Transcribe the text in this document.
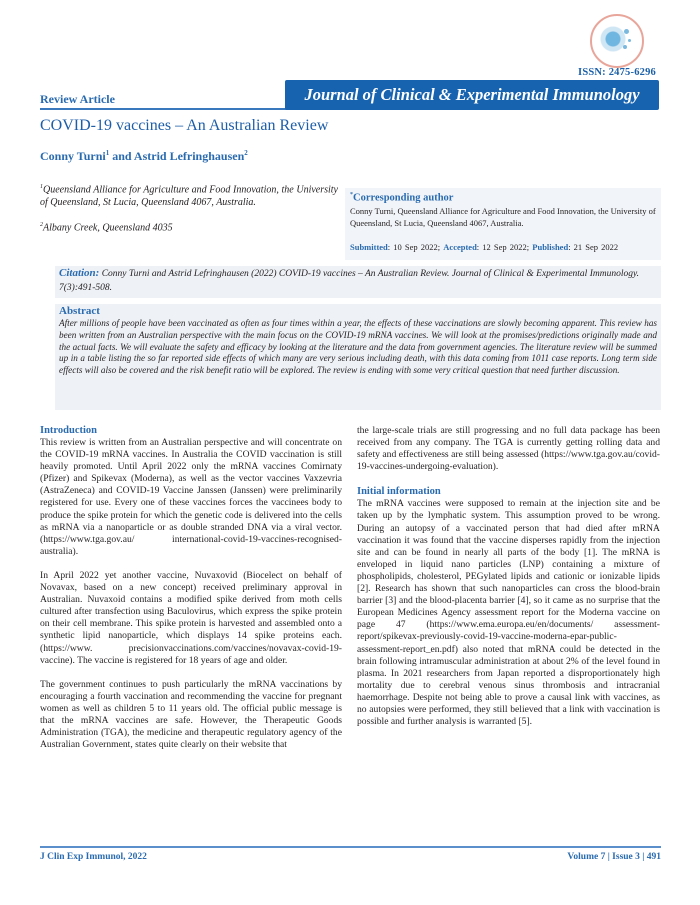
ISSN: 2475-6296
Review Article	Journal of Clinical & Experimental Immunology
COVID-19 vaccines – An Australian Review
Conny Turni$^1$ and Astrid Lefringhausen$^2$
$^1$Queensland Alliance for Agriculture and Food Innovation, the University of Queensland, St Lucia, Queensland 4067, Australia.
$^2$Albany Creek, Queensland 4035
*Corresponding author
Conny Turni, Queensland Alliance for Agriculture and Food Innovation, the University of Queensland, St Lucia, Queensland 4067, Australia.
Submitted: 10 Sep 2022; Accepted: 12 Sep 2022; Published: 21 Sep 2022
Citation: Conny Turni and Astrid Lefringhausen (2022) COVID-19 vaccines – An Australian Review. Journal of Clinical & Experimental Immunology. 7(3):491-508.
Abstract
After millions of people have been vaccinated as often as four times within a year, the effects of these vaccinations are slowly becoming apparent. This review has been written from an Australian perspective with the main focus on the COVID-19 mRNA vaccines. We will look at the promises/predictions originally made and the actual facts. We will evaluate the safety and efficacy by looking at the literature and the data from government agencies. The literature review will be summed up in a table listing the so far reported side effects of which many are very serious including death, with this data coming from 1011 case reports. Long term side effects will also be covered and the risk benefit ratio will be explored. The review is ending with some very critical question that need further discussion.
Introduction

This review is written from an Australian perspective and will concentrate on the COVID-19 mRNA vaccines. In Australia the COVID vaccination is still heavily promoted. Until April 2022 only the mRNA vaccines Comirnaty (Pfizer) and Spikevax (Moderna), as well as the vector vaccines Vaxzevria (AstraZeneca) and COVID-19 Vaccine Janssen (Janssen) were preliminarily registered for use. Every one of these vaccines forces the vaccinees body to produce the spike protein for which the genetic code is delivered into the cells as mRNA via a nanoparticle or as double stranded DNA via a viral vector. (https://www.tga.gov.au/ international-covid-19-vaccines-recognised-australia).

In April 2022 yet another vaccine, Nuvaxovid (Biocelect on behalf of Novavax, based on a new concept) received preliminary approval in Australian. Nuvaxoid contains a modified spike derived from moth cells cultured after transfection using Baculovirus, which express the spike protein on their cell membrane. This spike protein is harvested and assembled onto a synthetic lipid nanoparticle, which displays 14 spike proteins each. (https://www. precisionvaccinations.com/vaccines/novavax-covid-19-vaccine). The vaccine is registered for 18 years of age and older.

The government continues to push particularly the mRNA vaccinations by encouraging a fourth vaccination and recommending the vaccine for pregnant women as well as children 5 to 11 years old. The official public message is that the mRNA vaccines are safe. However, the Therapeutic Goods Administration (TGA), the medicine and therapeutic regulatory agency of the Australian Government, states quite clearly on their website that

the large-scale trials are still progressing and no full data package has been received from any company. The TGA is currently getting rolling data and safety and effectiveness are still being assessed (https://www.tga.gov.au/covid-19-vaccines-undergoing-evaluation).

Initial information

The mRNA vaccines were supposed to remain at the injection site and be taken up by the lymphatic system. This assumption proved to be wrong. During an autopsy of a vaccinated person that had died after mRNA vaccination it was found that the vaccine disperses rapidly from the injection site and can be found in nearly all parts of the body [1]. The mRNA is enveloped in liquid nano particles (LNP) containing a mixture of phospholipids, cholesterol, PEGylated lipids and cationic or ionizable lipids [2]. Research has shown that such nanoparticles can cross the blood-brain barrier [3] and the blood-placenta barrier [4], so it came as no surprise that the European Medicines Agency assessment report for the Moderna vaccine on page 47 (https://www.ema.europa.eu/en/documents/ assessment-report/spikevax-previously-covid-19-vaccine-moderna-epar-public-assessment-report_en.pdf) also noted that mRNA could be detected in the brain following intramuscular administration at about 2% of the level found in plasma. In 2021 researchers from Japan reported a disproportionately high mortality due to cerebral venous sinus thrombosis and intracranial haemorrhage. Despite not being able to prove a causal link with vaccines, as no autopsies were performed, they still believed that a link with vaccination is possible and further analysis is warranted [5].

J Clin Exp Immunol, 2022	Volume 7 | Issue 3 | 491
